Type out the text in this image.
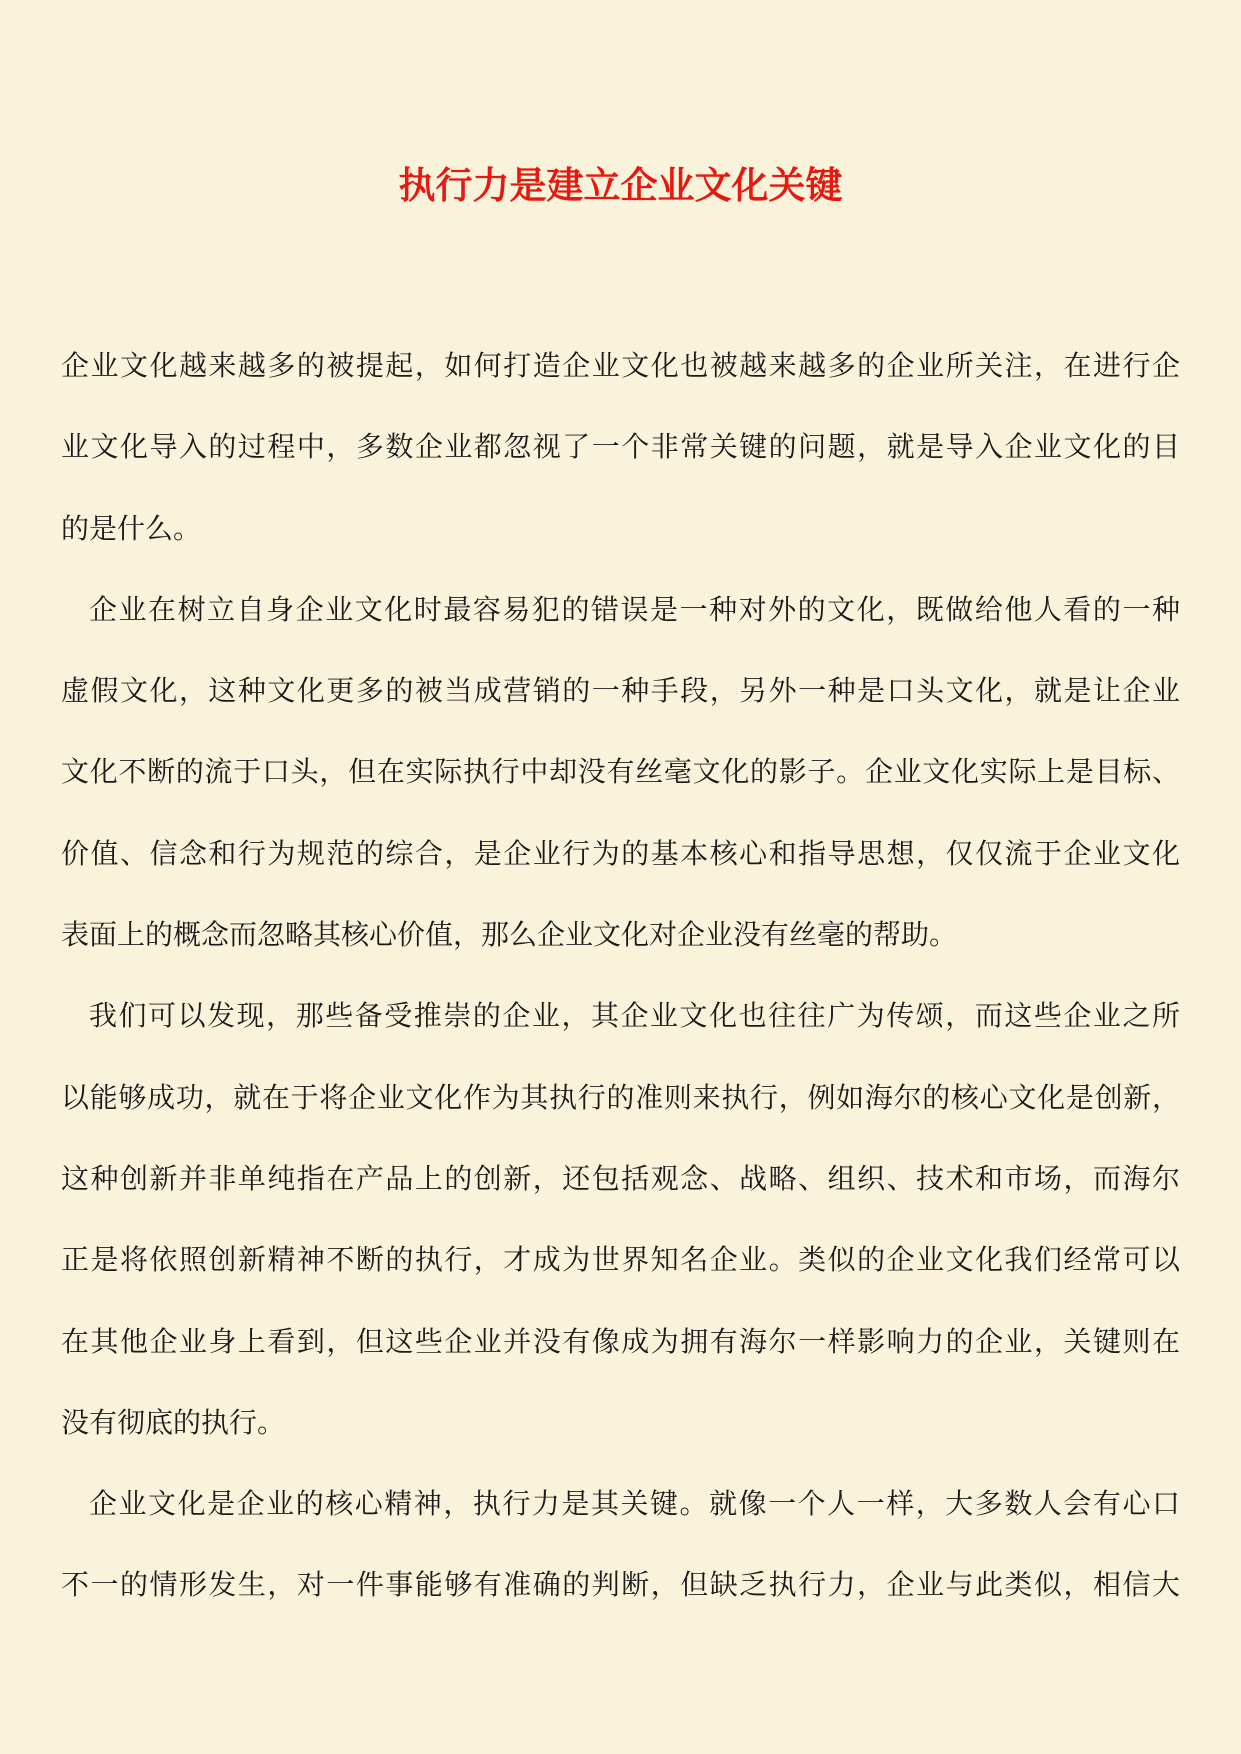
执行力是建立企业文化关键
企业文化越来越多的被提起，如何打造企业文化也被越来越多的企业所关注，在进行企
业文化导入的过程中，多数企业都忽视了一个非常关键的问题，就是导入企业文化的目
的是什么。
企业在树立自身企业文化时最容易犯的错误是一种对外的文化，既做给他人看的一种
虚假文化，这种文化更多的被当成营销的一种手段，另外一种是口头文化，就是让企业
文化不断的流于口头，但在实际执行中却没有丝毫文化的影子。企业文化实际上是目标、
价值、信念和行为规范的综合，是企业行为的基本核心和指导思想，仅仅流于企业文化
表面上的概念而忽略其核心价值，那么企业文化对企业没有丝毫的帮助。
我们可以发现，那些备受推崇的企业，其企业文化也往往广为传颂，而这些企业之所
以能够成功，就在于将企业文化作为其执行的准则来执行，例如海尔的核心文化是创新，
这种创新并非单纯指在产品上的创新，还包括观念、战略、组织、技术和市场，而海尔
正是将依照创新精神不断的执行，才成为世界知名企业。类似的企业文化我们经常可以
在其他企业身上看到，但这些企业并没有像成为拥有海尔一样影响力的企业，关键则在
没有彻底的执行。
企业文化是企业的核心精神，执行力是其关键。就像一个人一样，大多数人会有心口
不一的情形发生，对一件事能够有准确的判断，但缺乏执行力，企业与此类似，相信大
